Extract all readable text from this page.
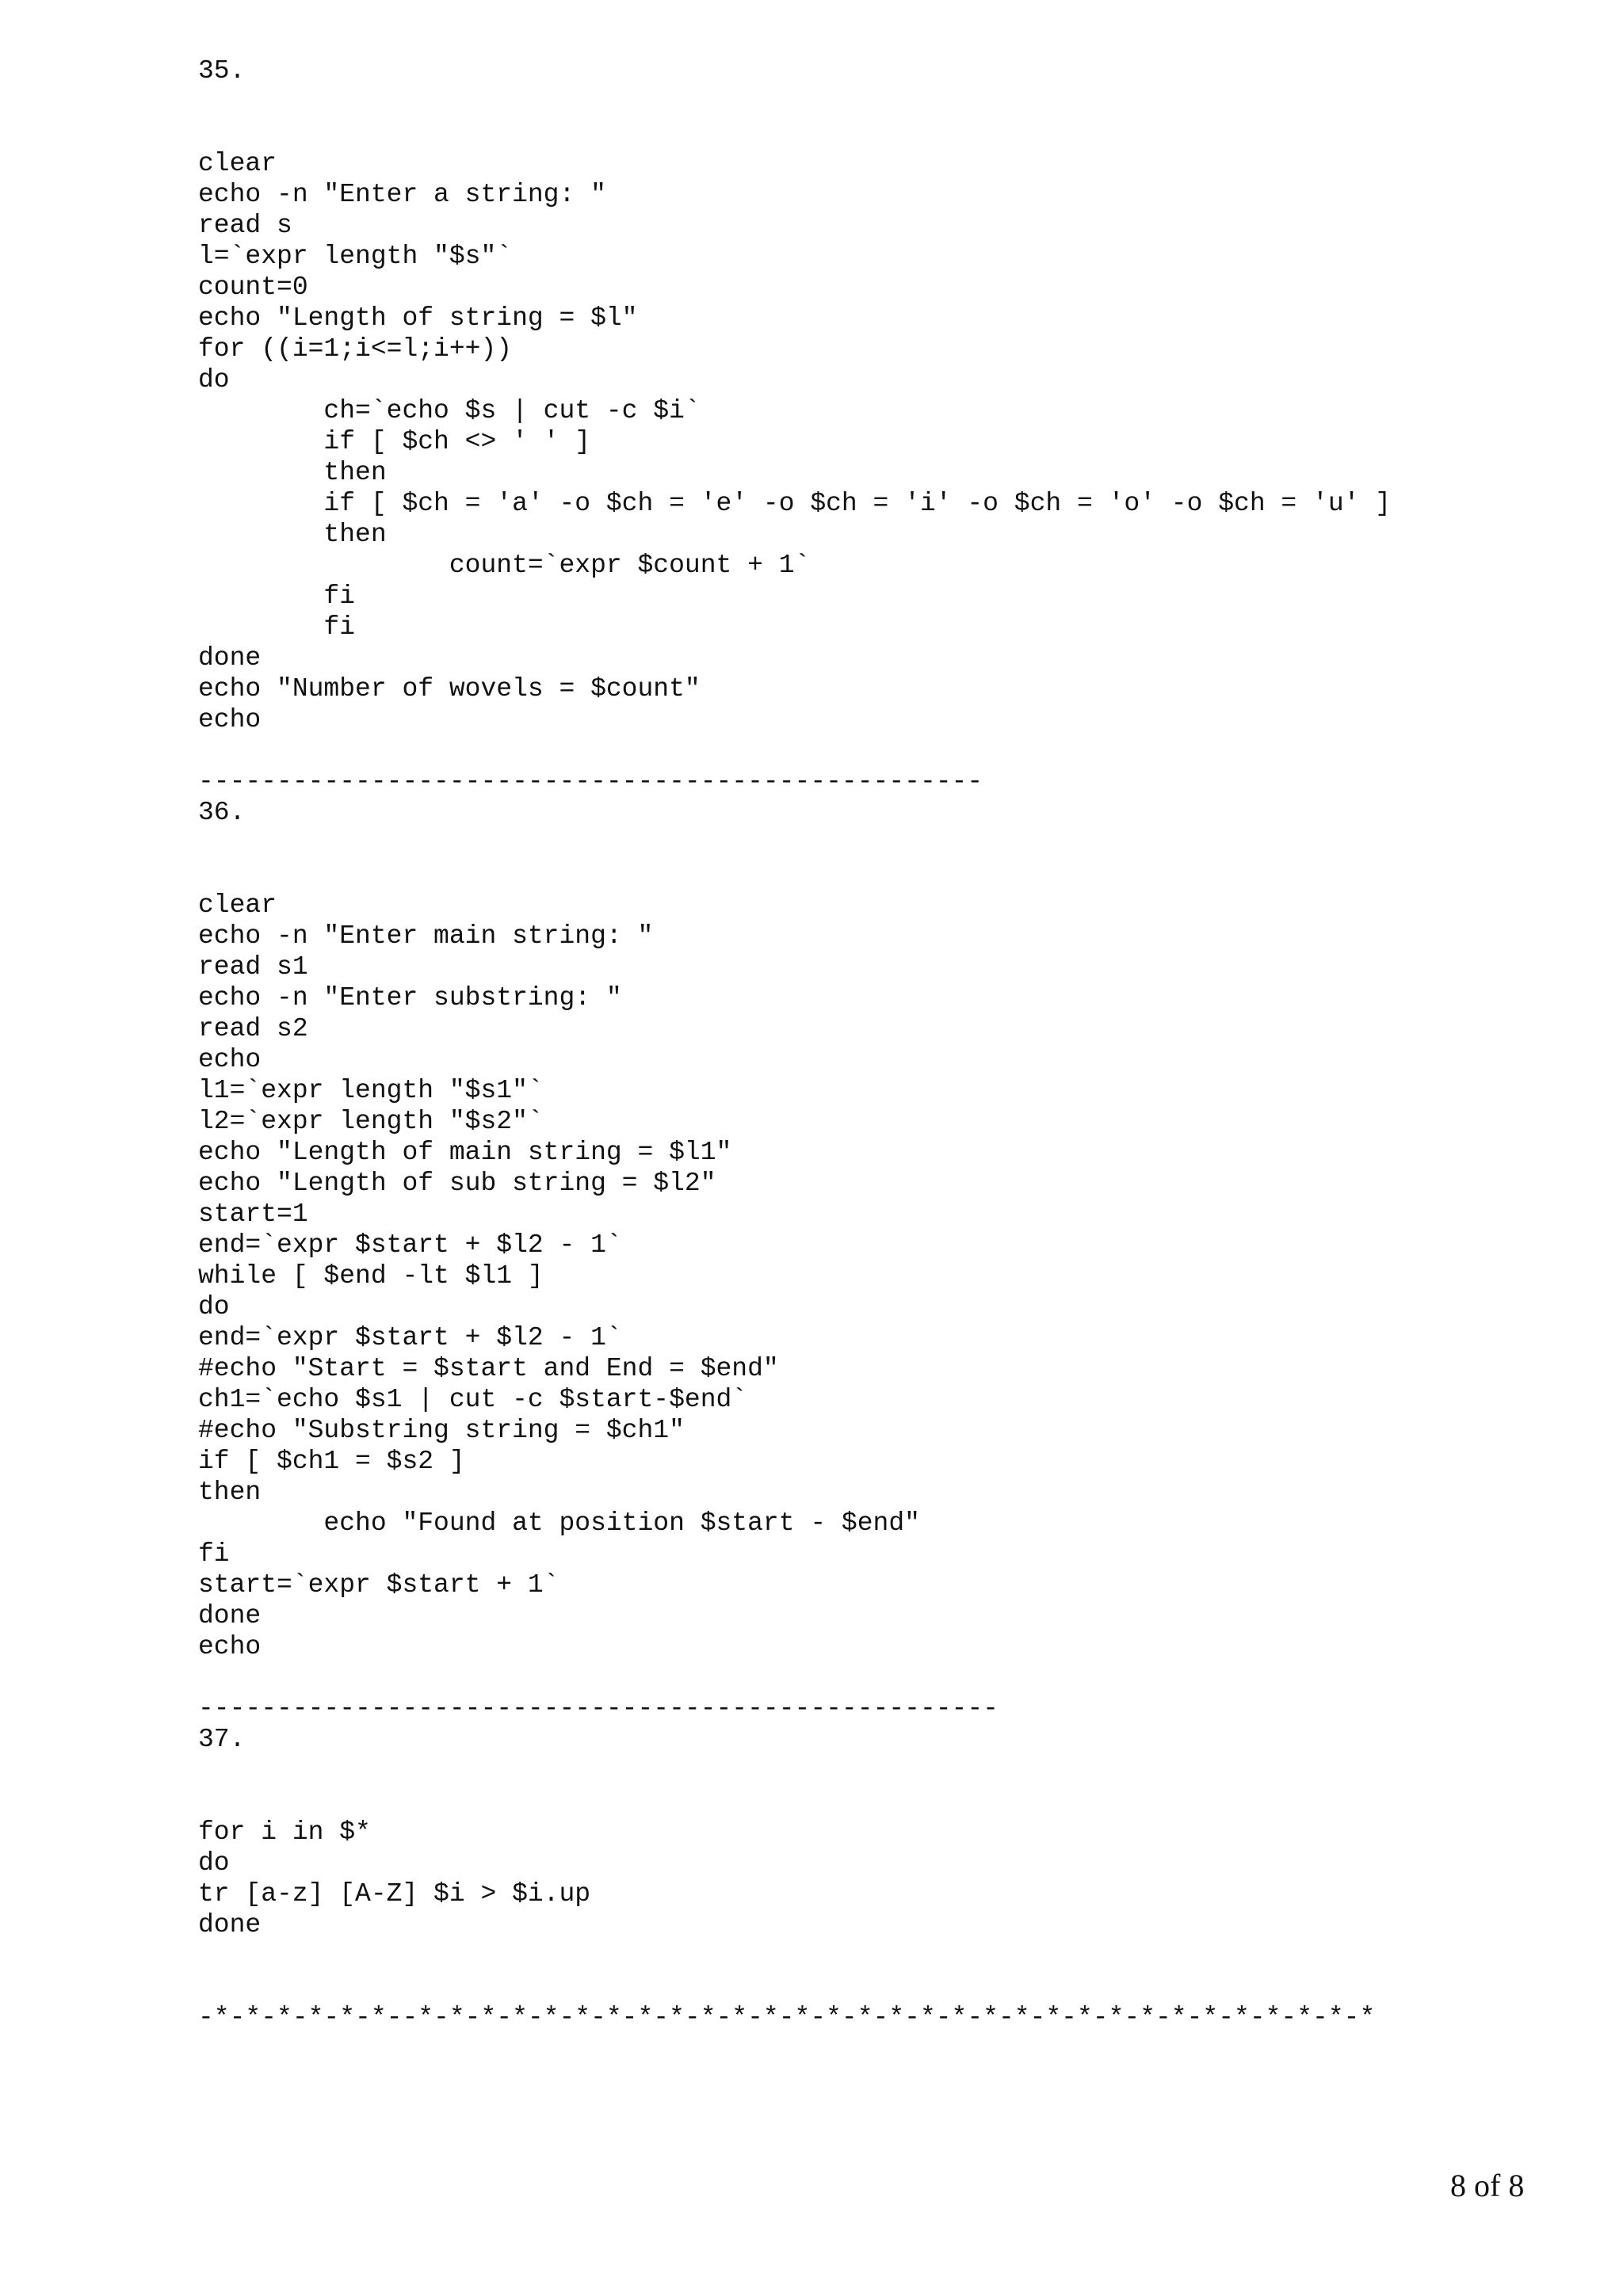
35.

clear
echo -n "Enter a string: "
read s
l=`expr length "$s"`
count=0
echo "Length of string = $l"
for ((i=1;i<=l;i++))
do
ch=`echo $s | cut -c $i`
if [ $ch <> ' ' ]
then
if [ $ch = 'a' -o $ch = 'e' -o $ch = 'i' -o $ch = 'o' -o $ch = 'u' ]
then
count=`expr $count + 1`
fi
fi
done
echo "Number of wovels = $count"
echo

--------------------------------------------------
36.

clear
echo -n "Enter main string: "
read s1
echo -n "Enter substring: "
read s2
echo
l1=`expr length "$s1"`
l2=`expr length "$s2"`
echo "Length of main string = $l1"
echo "Length of sub string = $l2"
start=1
end=`expr $start + $l2 - 1`
while [ $end -lt $l1 ]
do
end=`expr $start + $l2 - 1`
#echo "Start = $start and End = $end"
ch1=`echo $s1 | cut -c $start-$end`
#echo "Substring string = $ch1"
if [ $ch1 = $s2 ]
then
echo "Found at position $start - $end"
fi
start=`expr $start + 1`
done
echo

---------------------------------------------------
37.

for i in $*
do
tr [a-z] [A-Z] $i > $i.up
done

-*-*-*-*-*-*--*-*-*-*-*-*-*-*-*-*-*-*-*-*-*-*-*-*-*-*-*-*-*-*-*-*-*-*-*-*-*

8 of 8
